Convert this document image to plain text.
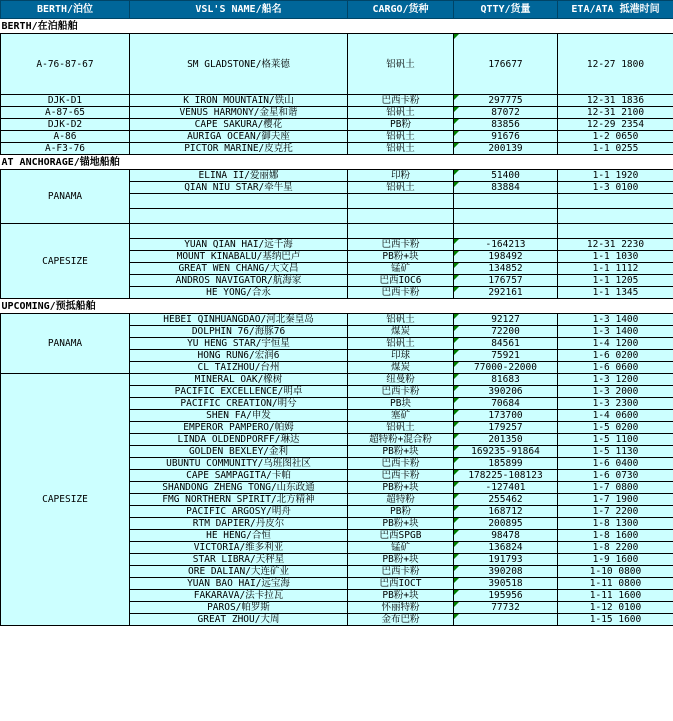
BERTH/泊位	VSL'S NAME/船名	CARGO/货种	QTTY/货量	ETA/ATA 抵港时间
BERTH/在泊船舶				
A-76-87-67	SM GLADSTONE/格莱德	铝矾土	176677	12-27 1800
DJK-D1	K IRON MOUNTAIN/铁山	巴西卡粉	297775	12-31 1836
A-87-65	VENUS HARMONY/金星和谐	铝矾土	87072	12-31 2100
DJK-D2	CAPE SAKURA/樱花	PB粉	83856	12-29 2354
A-86	AURIGA OCEAN/御夫座	铝矾土	91676	1-2 0650
A-F3-76	PICTOR MARINE/皮克托	铝矾土	200139	1-1 0255
AT ANCHORAGE/锚地船舶				
PANAMA	ELINA II/爱丽娜	印粉	51400	1-1 1920
	QIAN NIU STAR/牵牛星	铝矾土	83884	1-3 0100

CAPESIZE				
	YUAN QIAN HAI/远千海	巴西卡粉	-164213	12-31 2230
	MOUNT KINABALU/基纳巴卢	PB粉+块	198492	1-1 1030
	GREAT WEN CHANG/大文昌	锰矿	134852	1-1 1112
	ANDROS NAVIGATOR/航海家	巴西IOC6	176757	1-1 1205
	HE YONG/合永	巴西卡粉	292161	1-1 1345
UPCOMING/预抵船舶				
PANAMA	HEBEI QINHUANGDAO/河北秦皇岛	铝矾土	92127	1-3 1400
	DOLPHIN 76/海豚76	煤炭	72200	1-3 1400
	YU HENG STAR/宇恒星	铝矾土	84561	1-4 1200
	HONG RUN6/宏润6	印球	75921	1-6 0200
	CL TAIZHOU/台州	煤炭	77000-22000	1-6 0600
CAPESIZE	MINERAL OAK/橡树	纽曼粉	81683	1-3 1200
	PACIFIC EXCELLENCE/明卓	巴西卡粉	390206	1-3 2000
	PACIFIC CREATION/明兮	PB块	70684	1-3 2300
	SHEN FA/申发	塞矿	173700	1-4 0600
	EMPEROR PAMPERO/帕姆	铝矾土	179257	1-5 0200
	LINDA OLDENDPORFF/琳达	超特粉+混合粉	201350	1-5 1100
	GOLDEN BEXLEY/金利	PB粉+块	169235-91864	1-5 1130
	UBUNTU COMMUNITY/乌班图社区	巴西卡粉	185899	1-6 0400
	CAPE SAMPAGITA/卡帕	巴西卡粉	178225-108123	1-6 0730
	SHANDONG ZHENG TONG/山东政通	PB粉+块	-127401	1-7 0800
	FMG NORTHERN SPIRIT/北方精神	超特粉	255462	1-7 1900
	PACIFIC ARGOSY/明舟	PB粉	168712	1-7 2200
	RTM DAPIER/丹皮尔	PB粉+块	200895	1-8 1300
	HE HENG/合恒	巴西SPGB	98478	1-8 1600
	VICTORIA/维多利亚	锰矿	136824	1-8 2200
	STAR LIBRA/天秤星	PB粉+块	191793	1-9 1600
	ORE DALIAN/大连矿业	巴西卡粉	390208	1-10 0800
	YUAN BAO HAI/远宝海	巴西IOCT	390518	1-11 0800
	FAKARAVA/法卡拉瓦	PB粉+块	195956	1-11 1600
	PAROS/帕罗斯	怀丽特粉	77732	1-12 0100
	GREAT ZHOU/大周	金布巴粉		1-15 1600
